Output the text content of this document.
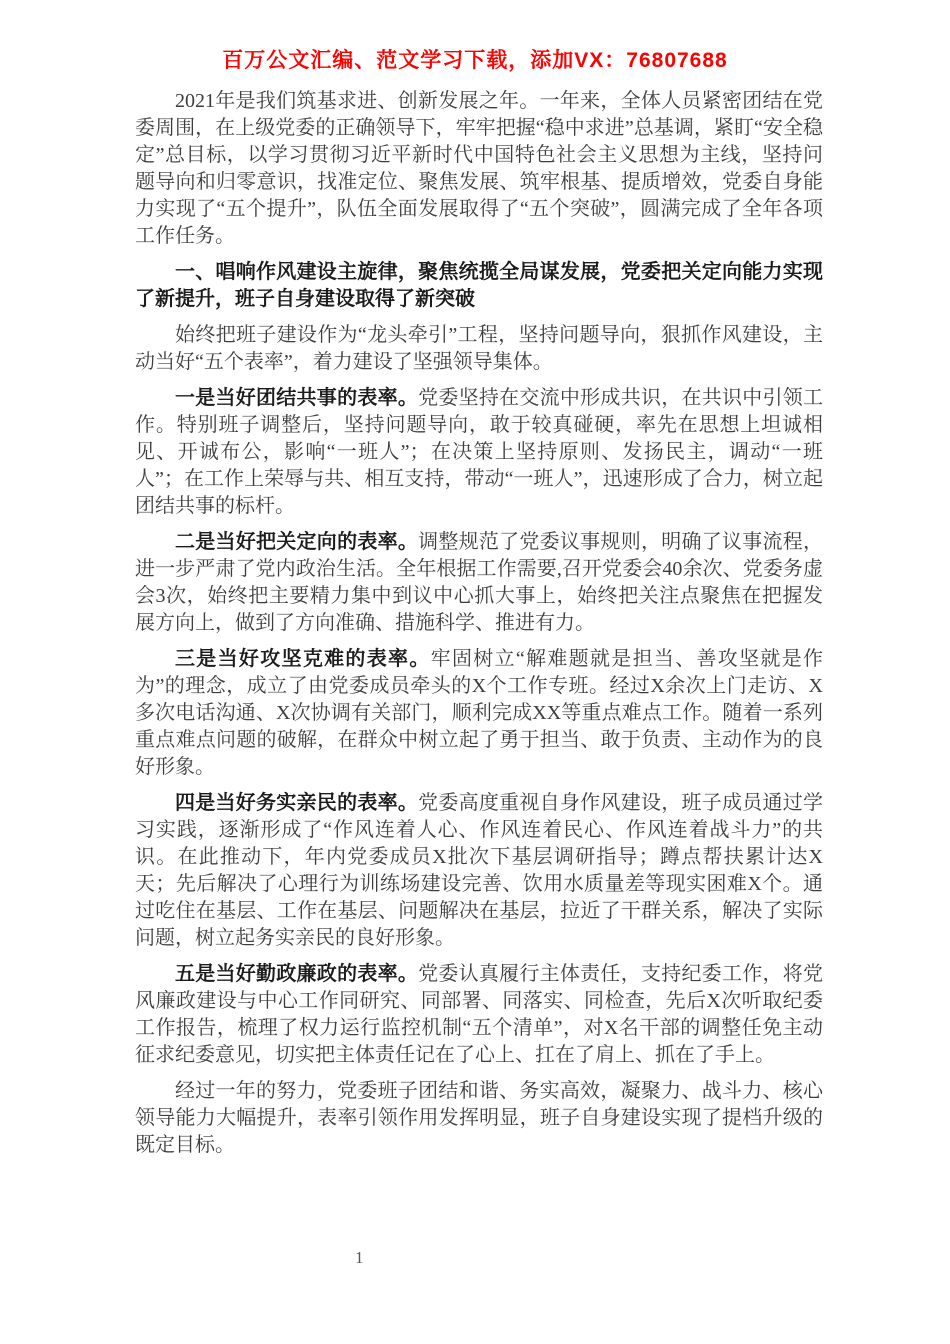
百万公文汇编、范文学习下载，添加VX：76807688

2021年是我们筑基求进、创新发展之年。一年来，全体人员紧密团结在党委周围，在上级党委的正确领导下，牢牢把握“稳中求进”总基调，紧盯“安全稳定”总目标，以学习贯彻习近平新时代中国特色社会主义思想为主线，坚持问题导向和归零意识，找准定位、聚焦发展、筑牢根基、提质增效，党委自身能力实现了“五个提升”，队伍全面发展取得了“五个突破”，圆满完成了全年各项工作任务。

一、唱响作风建设主旋律，聚焦统揽全局谋发展，党委把关定向能力实现了新提升，班子自身建设取得了新突破

始终把班子建设作为“龙头牵引”工程，坚持问题导向，狠抓作风建设，主动当好“五个表率”，着力建设了坚强领导集体。

一是当好团结共事的表率。党委坚持在交流中形成共识，在共识中引领工作。特别班子调整后，坚持问题导向，敢于较真碰硬，率先在思想上坦诚相见、开诚布公，影响“一班人”；在决策上坚持原则、发扬民主，调动“一班人”；在工作上荣辱与共、相互支持，带动“一班人”，迅速形成了合力，树立起团结共事的标杆。

二是当好把关定向的表率。调整规范了党委议事规则，明确了议事流程，进一步严肃了党内政治生活。全年根据工作需要,召开党委会40余次、党委务虚会3次，始终把主要精力集中到议中心抓大事上，始终把关注点聚焦在把握发展方向上，做到了方向准确、措施科学、推进有力。

三是当好攻坚克难的表率。牢固树立“解难题就是担当、善攻坚就是作为”的理念，成立了由党委成员牵头的X个工作专班。经过X余次上门走访、X多次电话沟通、X次协调有关部门，顺利完成XX等重点难点工作。随着一系列重点难点问题的破解，在群众中树立起了勇于担当、敢于负责、主动作为的良好形象。

四是当好务实亲民的表率。党委高度重视自身作风建设，班子成员通过学习实践，逐渐形成了“作风连着人心、作风连着民心、作风连着战斗力”的共识。在此推动下，年内党委成员X批次下基层调研指导；蹲点帮扶累计达X天；先后解决了心理行为训练场建设完善、饮用水质量差等现实困难X个。通过吃住在基层、工作在基层、问题解决在基层，拉近了干群关系，解决了实际问题，树立起务实亲民的良好形象。

五是当好勤政廉政的表率。党委认真履行主体责任，支持纪委工作，将党风廉政建设与中心工作同研究、同部署、同落实、同检查，先后X次听取纪委工作报告，梳理了权力运行监控机制“五个清单”，对X名干部的调整任免主动征求纪委意见，切实把主体责任记在了心上、扛在了肩上、抓在了手上。

经过一年的努力，党委班子团结和谐、务实高效，凝聚力、战斗力、核心领导能力大幅提升，表率引领作用发挥明显，班子自身建设实现了提档升级的既定目标。

1
